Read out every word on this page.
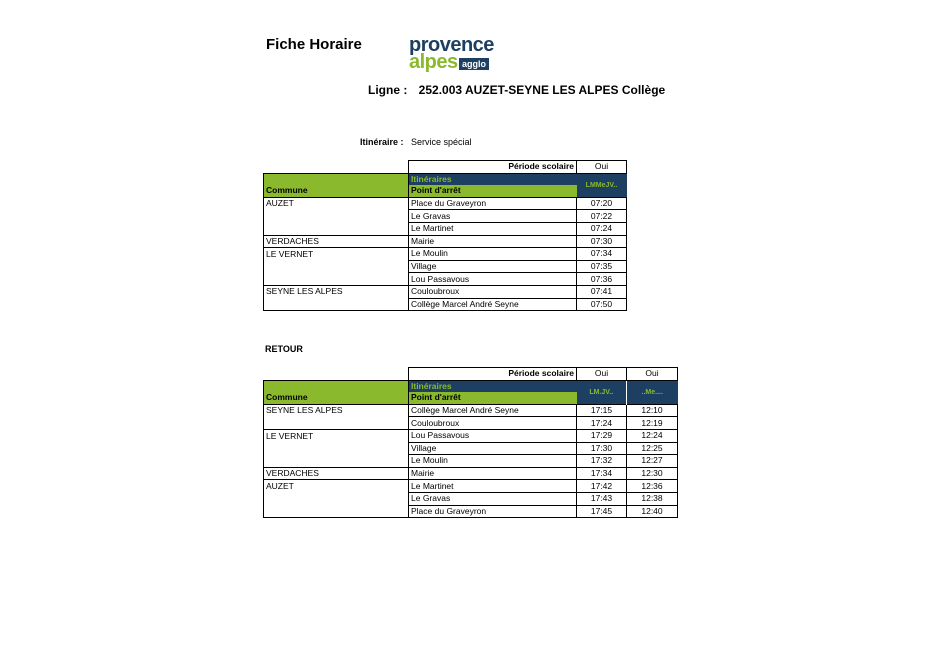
Fiche Horaire provence
alpes agglo
Ligne : 252.003 AUZET-SEYNE LES ALPES Collège
Itinéraire : Service spécial
	Période scolaire	Oui
	Itinéraires	LMMeJV..
Commune	Point d'arrêt	
AUZET	Place du Graveyron	07:20
	Le Gravas	07:22
	Le Martinet	07:24
VERDACHES	Mairie	07:30
LE VERNET	Le Moulin	07:34
	Village	07:35
	Lou Passavous	07:36
SEYNE LES ALPES	Couloubroux	07:41
	Collège Marcel André Seyne	07:50
RETOUR
	Période scolaire	Oui	Oui
	Itinéraires	LM.JV..	..Me....
Commune	Point d'arrêt		
SEYNE LES ALPES	Collège Marcel André Seyne	17:15	12:10
	Couloubroux	17:24	12:19
LE VERNET	Lou Passavous	17:29	12:24
	Village	17:30	12:25
	Le Moulin	17:32	12:27
VERDACHES	Mairie	17:34	12:30
AUZET	Le Martinet	17:42	12:36
	Le Gravas	17:43	12:38
	Place du Graveyron	17:45	12:40
